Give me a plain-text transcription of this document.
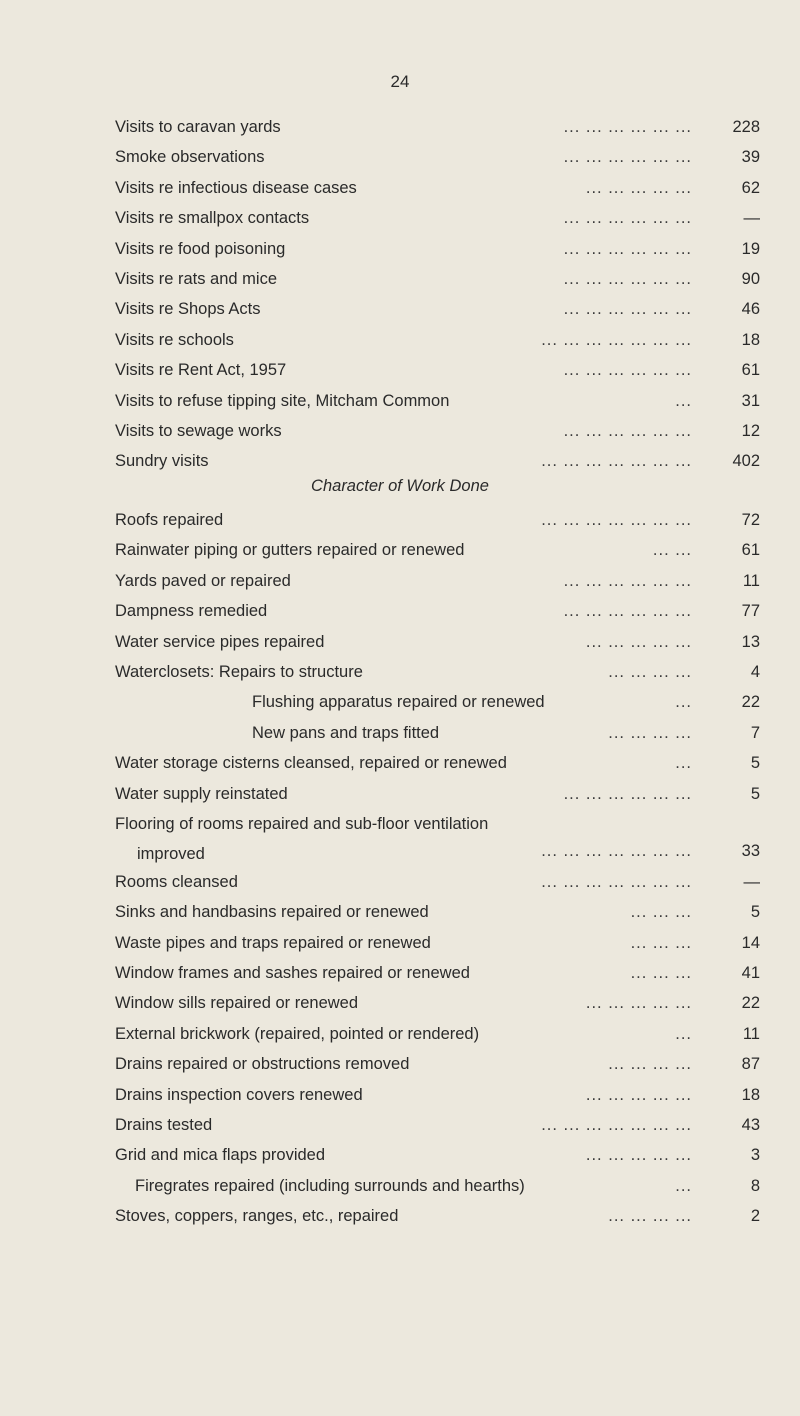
24
Visits to caravan yards	... ... ... ... ... ...	228
Smoke observations	... ... ... ... ... ...	39
Visits re infectious disease cases	... ... ... ... ...	62
Visits re smallpox contacts	... ... ... ... ... ...	—
Visits re food poisoning	... ... ... ... ... ...	19
Visits re rats and mice	... ... ... ... ... ...	90
Visits re Shops Acts	... ... ... ... ... ...	46
Visits re schools	... ... ... ... ... ... ...	18
Visits re Rent Act, 1957	... ... ... ... ... ...	61
Visits to refuse tipping site, Mitcham Common	...	31
Visits to sewage works	... ... ... ... ... ...	12
Sundry visits	... ... ... ... ... ... ...	402
Character of Work Done
Roofs repaired	... ... ... ... ... ... ...	72
Rainwater piping or gutters repaired or renewed	... ...	61
Yards paved or repaired	... ... ... ... ... ...	11
Dampness remedied	... ... ... ... ... ...	77
Water service pipes repaired	... ... ... ... ...	13
Waterclosets: Repairs to structure	... ... ... ...	4
Flushing apparatus repaired or renewed	...	22
New pans and traps fitted	... ... ... ...	7
Water storage cisterns cleansed, repaired or renewed	...	5
Water supply reinstated	... ... ... ... ... ...	5
Flooring of rooms repaired and sub-floor ventilation
improved	... ... ... ... ... ... ...	33
Rooms cleansed	... ... ... ... ... ... ...	—
Sinks and handbasins repaired or renewed	... ... ...	5
Waste pipes and traps repaired or renewed	... ... ...	14
Window frames and sashes repaired or renewed	... ... ...	41
Window sills repaired or renewed	... ... ... ... ...	22
External brickwork (repaired, pointed or rendered)	...	11
Drains repaired or obstructions removed	... ... ... ...	87
Drains inspection covers renewed	... ... ... ... ...	18
Drains tested	... ... ... ... ... ... ...	43
Grid and mica flaps provided	... ... ... ... ...	3
Firegrates repaired (including surrounds and hearths)	...	8
Stoves, coppers, ranges, etc., repaired	... ... ... ...	2
